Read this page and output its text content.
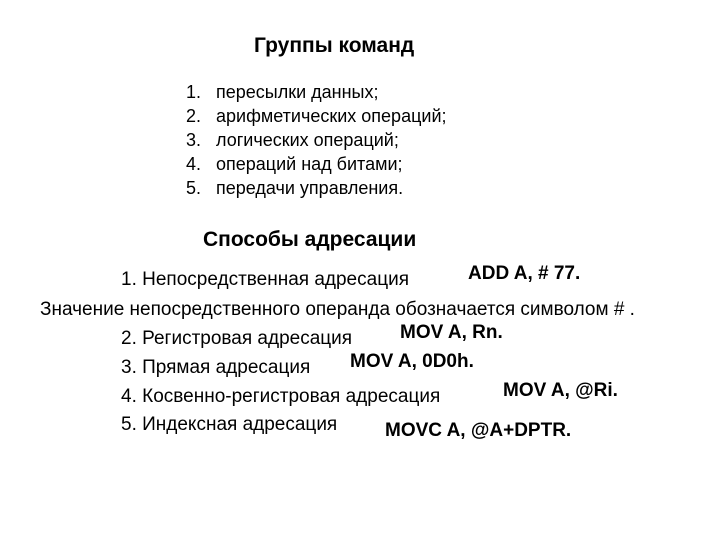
Группы команд
1. пересылки данных;
2. арифметических операций;
3. логических операций;
4. операций над битами;
5. передачи управления.
Способы адресации
1. Непосредственная адресация	ADD A, # 77.
Значение непосредственного операнда обозначается символом # .
2. Регистровая адресация	MOV A, Rn.
3. Прямая адресация MOV A, 0D0h.
4. Косвенно-регистровая адресация	MOV A, @Ri.
5. Индексная адресация	MOVC A, @A+DPTR.
